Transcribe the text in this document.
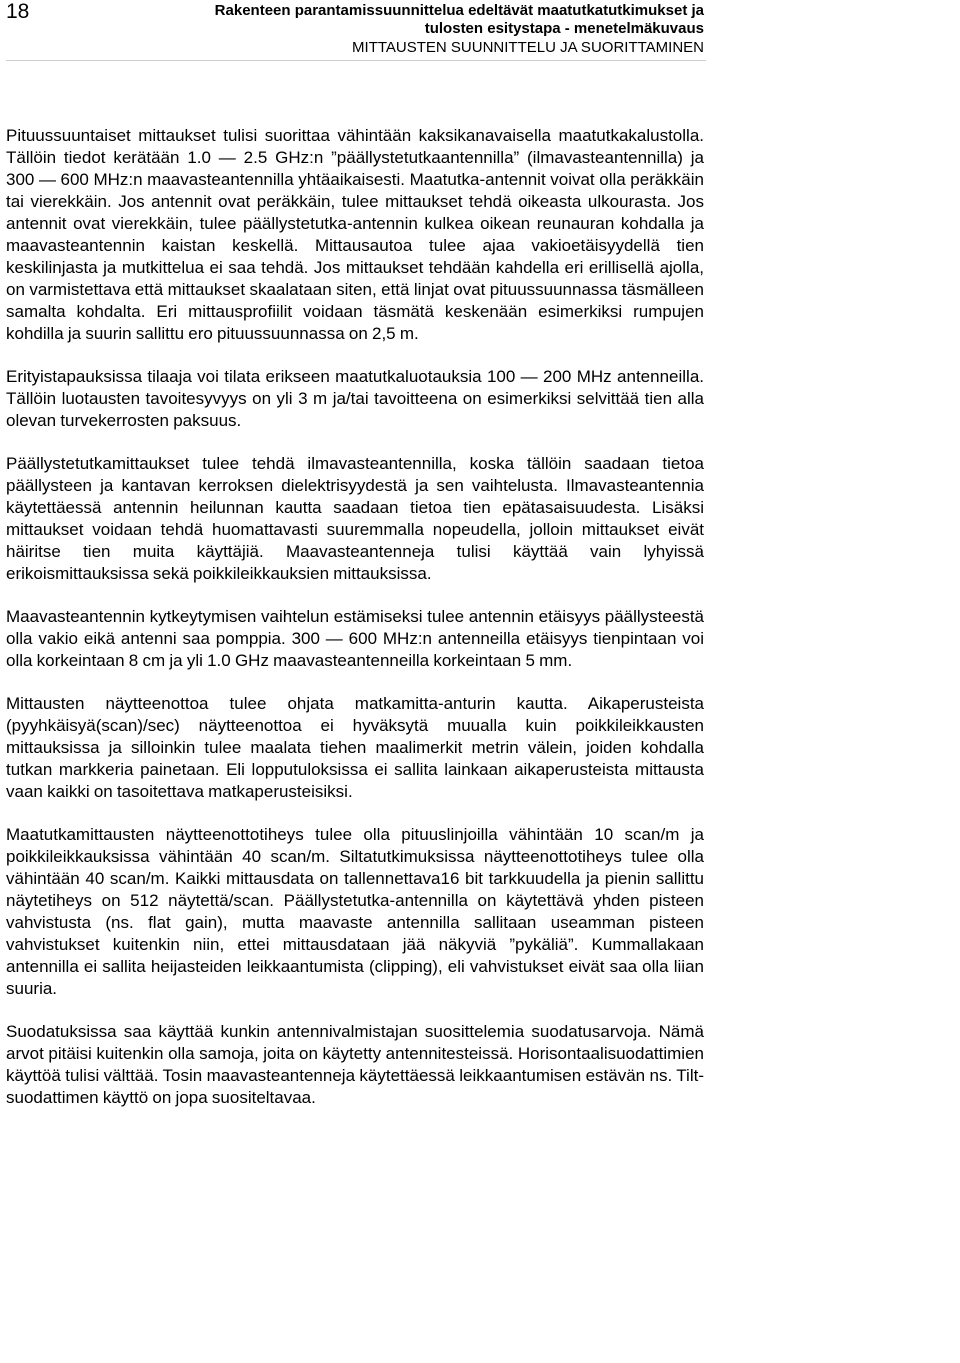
18	Rakenteen parantamissuunnittelua edeltävät maatutkatutkimukset ja
tulosten esitystapa - menetelmäkuvaus
MITTAUSTEN SUUNNITTELU JA SUORITTAMINEN

Pituussuuntaiset mittaukset tulisi suorittaa vähintään kaksikanavaisella maatutkakalustolla. Tällöin tiedot kerätään 1.0 — 2.5 GHz:n ”päällystetutkaantennilla” (ilmavasteantennilla) ja 300 — 600 MHz:n maavasteantennilla yhtäaikaisesti. Maatutka-antennit voivat olla peräkkäin tai vierekkäin. Jos antennit ovat peräkkäin, tulee mittaukset tehdä oikeasta ulkourasta. Jos antennit ovat vierekkäin, tulee päällystetutka-antennin kulkea oikean reunauran kohdalla ja maavasteantennin kaistan keskellä. Mittausautoa tulee ajaa vakioetäisyydellä tien keskilinjasta ja mutkittelua ei saa tehdä. Jos mittaukset tehdään kahdella eri erillisellä ajolla, on varmistettava että mittaukset skaalataan siten, että linjat ovat pituussuunnassa täsmälleen samalta kohdalta. Eri mittausprofiilit voidaan täsmätä keskenään esimerkiksi rumpujen kohdilla ja suurin sallittu ero pituussuunnassa on 2,5 m.

Erityistapauksissa tilaaja voi tilata erikseen maatutkaluotauksia 100 — 200 MHz antenneilla. Tällöin luotausten tavoitesyvyys on yli 3 m ja/tai tavoitteena on esimerkiksi selvittää tien alla olevan turvekerrosten paksuus.

Päällystetutkamittaukset tulee tehdä ilmavasteantennilla, koska tällöin saadaan tietoa päällysteen ja kantavan kerroksen dielektrisyydestä ja sen vaihtelusta. Ilmavasteantennia käytettäessä antennin heilunnan kautta saadaan tietoa tien epätasaisuudesta. Lisäksi mittaukset voidaan tehdä huomattavasti suuremmalla nopeudella, jolloin mittaukset eivät häiritse tien muita käyttäjiä. Maavasteantenneja tulisi käyttää vain lyhyissä erikoismittauksissa sekä poikkileikkauksien mittauksissa.

Maavasteantennin kytkeytymisen vaihtelun estämiseksi tulee antennin etäisyys päällysteestä olla vakio eikä antenni saa pomppia. 300 — 600 MHz:n antenneilla etäisyys tienpintaan voi olla korkeintaan 8 cm ja yli 1.0 GHz maavasteantenneilla korkeintaan 5 mm.

Mittausten näytteenottoa tulee ohjata matkamitta-anturin kautta. Aikaperusteista (pyyhkäisyä(scan)/sec) näytteenottoa ei hyväksytä muualla kuin poikkileikkausten mittauksissa ja silloinkin tulee maalata tiehen maalimerkit metrin välein, joiden kohdalla tutkan markkeria painetaan. Eli lopputuloksissa ei sallita lainkaan aikaperusteista mittausta vaan kaikki on tasoitettava matkaperusteisiksi.

Maatutkamittausten näytteenottotiheys tulee olla pituuslinjoilla vähintään 10 scan/m ja poikkileikkauksissa vähintään 40 scan/m. Siltatutkimuksissa näytteenottotiheys tulee olla vähintään 40 scan/m. Kaikki mittausdata on tallennettava16 bit tarkkuudella ja pienin sallittu näytetiheys on 512 näytettä/scan. Päällystetutka-antennilla on käytettävä yhden pisteen vahvistusta (ns. flat gain), mutta maavaste antennilla sallitaan useamman pisteen vahvistukset kuitenkin niin, ettei mittausdataan jää näkyviä ”pykäliä”. Kummallakaan antennilla ei sallita heijasteiden leikkaantumista (clipping), eli vahvistukset eivät saa olla liian suuria.

Suodatuksissa saa käyttää kunkin antennivalmistajan suosittelemia suodatusarvoja. Nämä arvot pitäisi kuitenkin olla samoja, joita on käytetty antennitesteissä. Horisontaalisuodattimien käyttöä tulisi välttää. Tosin maavasteantenneja käytettäessä leikkaantumisen estävän ns. Tilt-suodattimen käyttö on jopa suositeltavaa.
